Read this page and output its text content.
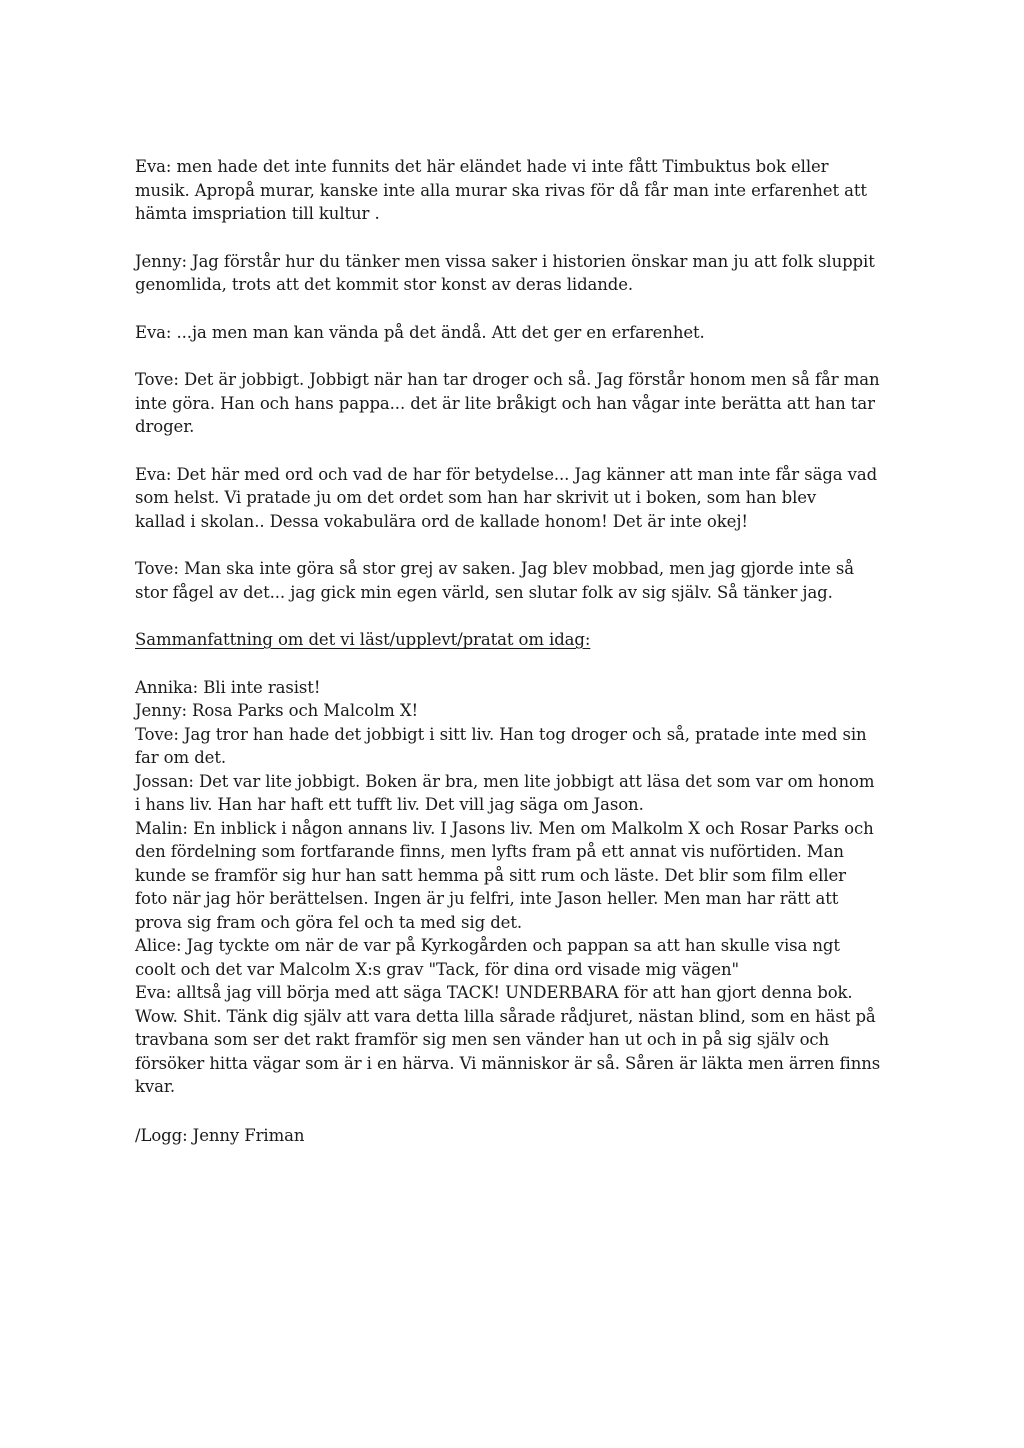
Eva: men hade det inte funnits det här eländet hade vi inte fått Timbuktus bok eller
musik. Apropå murar, kanske inte alla murar ska rivas för då får man inte erfarenhet att
hämta imspriation till kultur .

Jenny: Jag förstår hur du tänker men vissa saker i historien önskar man ju att folk sluppit
genomlida, trots att det kommit stor konst av deras lidande.

Eva: ...ja men man kan vända på det ändå. Att det ger en erfarenhet.

Tove: Det är jobbigt. Jobbigt när han tar droger och så. Jag förstår honom men så får man
inte göra. Han och hans pappa... det är lite bråkigt och han vågar inte berätta att han tar
droger.

Eva: Det här med ord och vad de har för betydelse... Jag känner att man inte får säga vad
som helst. Vi pratade ju om det ordet som han har skrivit ut i boken, som han blev
kallad i skolan.. Dessa vokabulära ord de kallade honom! Det är inte okej!

Tove: Man ska inte göra så stor grej av saken. Jag blev mobbad, men jag gjorde inte så
stor fågel av det... jag gick min egen värld, sen slutar folk av sig själv. Så tänker jag.

Sammanfattning om det vi läst/upplevt/pratat om idag:

Annika: Bli inte rasist!

Jenny: Rosa Parks och Malcolm X!

Tove: Jag tror han hade det jobbigt i sitt liv. Han tog droger och så, pratade inte med sin
far om det.

Jossan: Det var lite jobbigt. Boken är bra, men lite jobbigt att läsa det som var om honom
i hans liv. Han har haft ett tufft liv. Det vill jag säga om Jason.

Malin: En inblick i någon annans liv. I Jasons liv. Men om Malkolm X och Rosar Parks och
den fördelning som fortfarande finns, men lyfts fram på ett annat vis nuförtiden. Man
kunde se framför sig hur han satt hemma på sitt rum och läste. Det blir som film eller
foto när jag hör berättelsen. Ingen är ju felfri, inte Jason heller. Men man har rätt att
prova sig fram och göra fel och ta med sig det.

Alice: Jag tyckte om när de var på Kyrkogården och pappan sa att han skulle visa ngt
coolt och det var Malcolm X:s grav "Tack, för dina ord visade mig vägen"

Eva: alltså jag vill börja med att säga TACK! UNDERBARA för att han gjort denna bok.
Wow. Shit. Tänk dig själv att vara detta lilla sårade rådjuret, nästan blind, som en häst på
travbana som ser det rakt framför sig men sen vänder han ut och in på sig själv och
försöker hitta vägar som är i en härva. Vi människor är så. Såren är läkta men ärren finns
kvar.

/Logg: Jenny Friman
